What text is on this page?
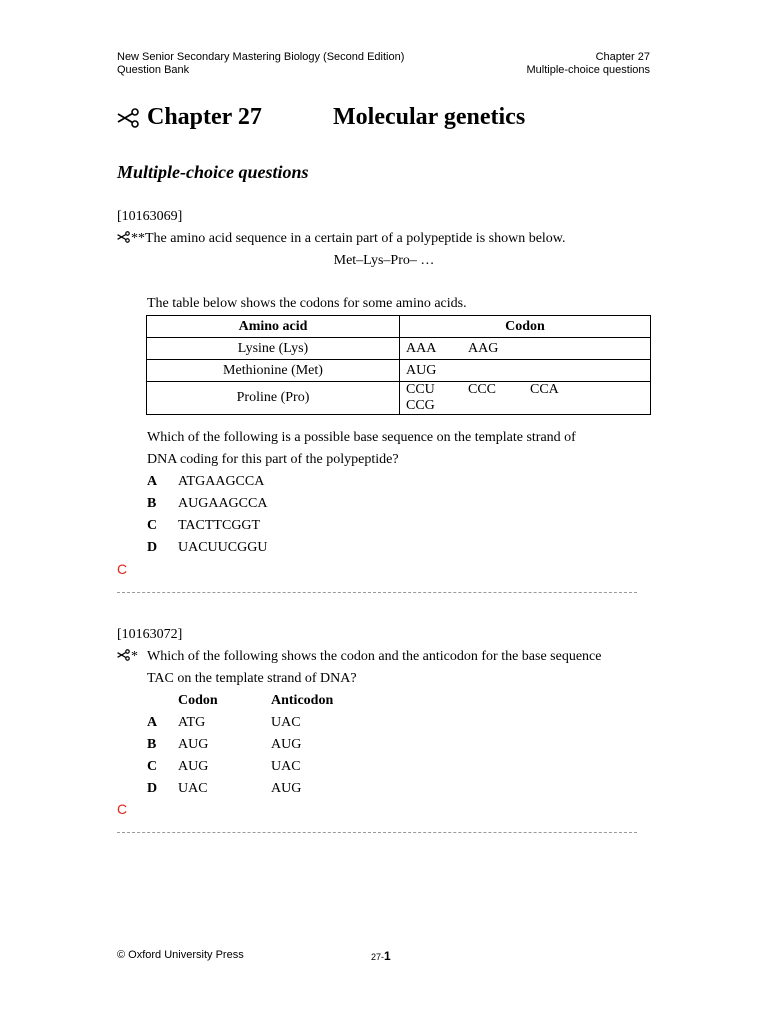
New Senior Secondary Mastering Biology (Second Edition)
Question Bank
Chapter 27
Multiple-choice questions
Chapter 27	Molecular genetics
Multiple-choice questions
[10163069]
**The amino acid sequence in a certain part of a polypeptide is shown below.
Met–Lys–Pro– …
The table below shows the codons for some amino acids.
Amino acid	Codon
Lysine (Lys)	AAA AAG
Methionine (Met)	AUG
Proline (Pro)	CCU CCC CCACCG
Which of the following is a possible base sequence on the template strand of
DNA coding for this part of the polypeptide?
A ATGAAGCCA
B AUGAAGCCA
C TACTTCGGT
D UACUUCGGU
C
[10163072]
* Which of the following shows the codon and the anticodon for the base sequence
TAC on the template strand of DNA?
Codon	Anticodon
A ATG	UAC
B AUG	AUG
C AUG	UAC
D UAC	AUG
C
© Oxford University Press	27-1
